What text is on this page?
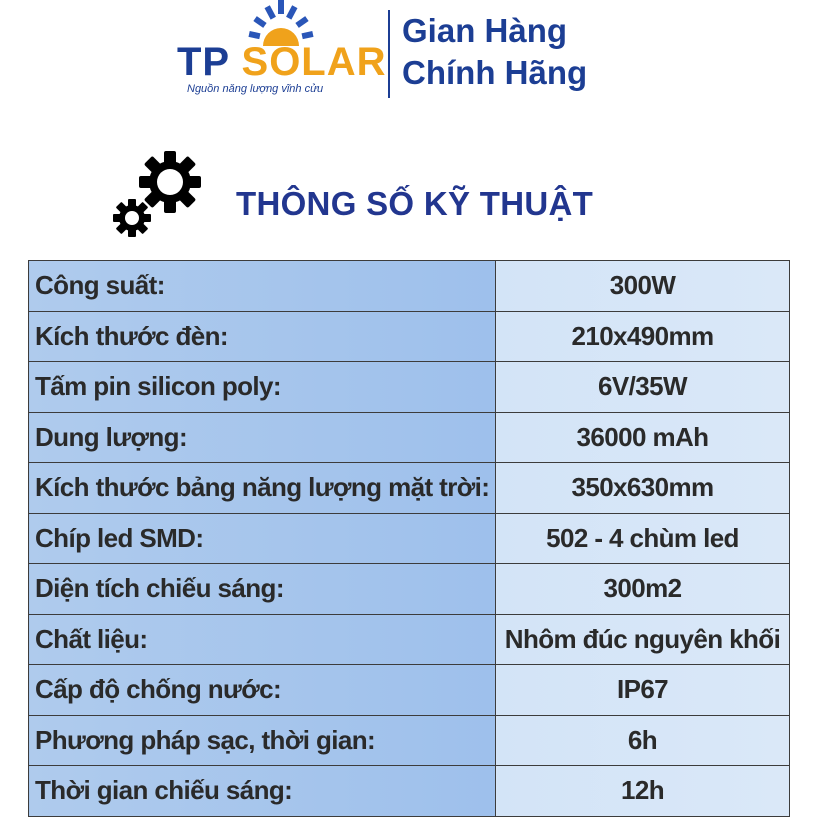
TP SOLAR
Nguồn năng lượng vĩnh cửu
Gian Hàng
Chính Hãng
THÔNG SỐ KỸ THUẬT
Công suất:	300W
Kích thước đèn:	210x490mm
Tấm pin silicon poly:	6V/35W
Dung lượng:	36000 mAh
Kích thước bảng năng lượng mặt trời:	350x630mm
Chíp led SMD:	502 - 4 chùm led
Diện tích chiếu sáng:	300m2
Chất liệu:	Nhôm đúc nguyên khối
Cấp độ chống nước:	IP67
Phương pháp sạc, thời gian:	6h
Thời gian chiếu sáng:	12h
